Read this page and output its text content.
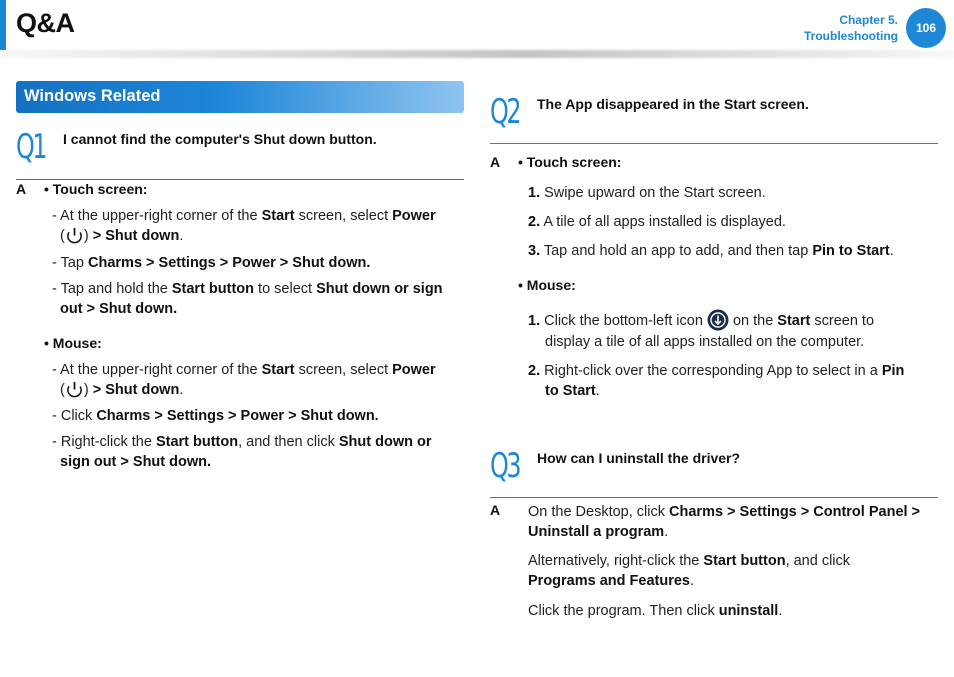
Q&A	Chapter 5.
Troubleshooting
106
Windows Related
Q1 I cannot find the computer's Shut down button.
A • Touch screen:
- At the upper-right corner of the Start screen, select Power
( ) > Shut down.
- Tap Charms > Settings > Power > Shut down.
- Tap and hold the Start button to select Shut down or sign
out > Shut down.
• Mouse:
- At the upper-right corner of the Start screen, select Power
( ) > Shut down.
- Click Charms > Settings > Power > Shut down.
- Right-click the Start button, and then click Shut down or
sign out > Shut down.
Q2 The App disappeared in the Start screen.
A • Touch screen:
1. Swipe upward on the Start screen.
2. A tile of all apps installed is displayed.
3. Tap and hold an app to add, and then tap Pin to Start.
• Mouse:
1. Click the bottom-left icon  on the Start screen to
display a tile of all apps installed on the computer.
2. Right-click over the corresponding App to select in a Pin
to Start.
Q3 How can I uninstall the driver?
A On the Desktop, click Charms > Settings > Control Panel >
Uninstall a program.
Alternatively, right-click the Start button, and click
Programs and Features.
Click the program. Then click uninstall.
